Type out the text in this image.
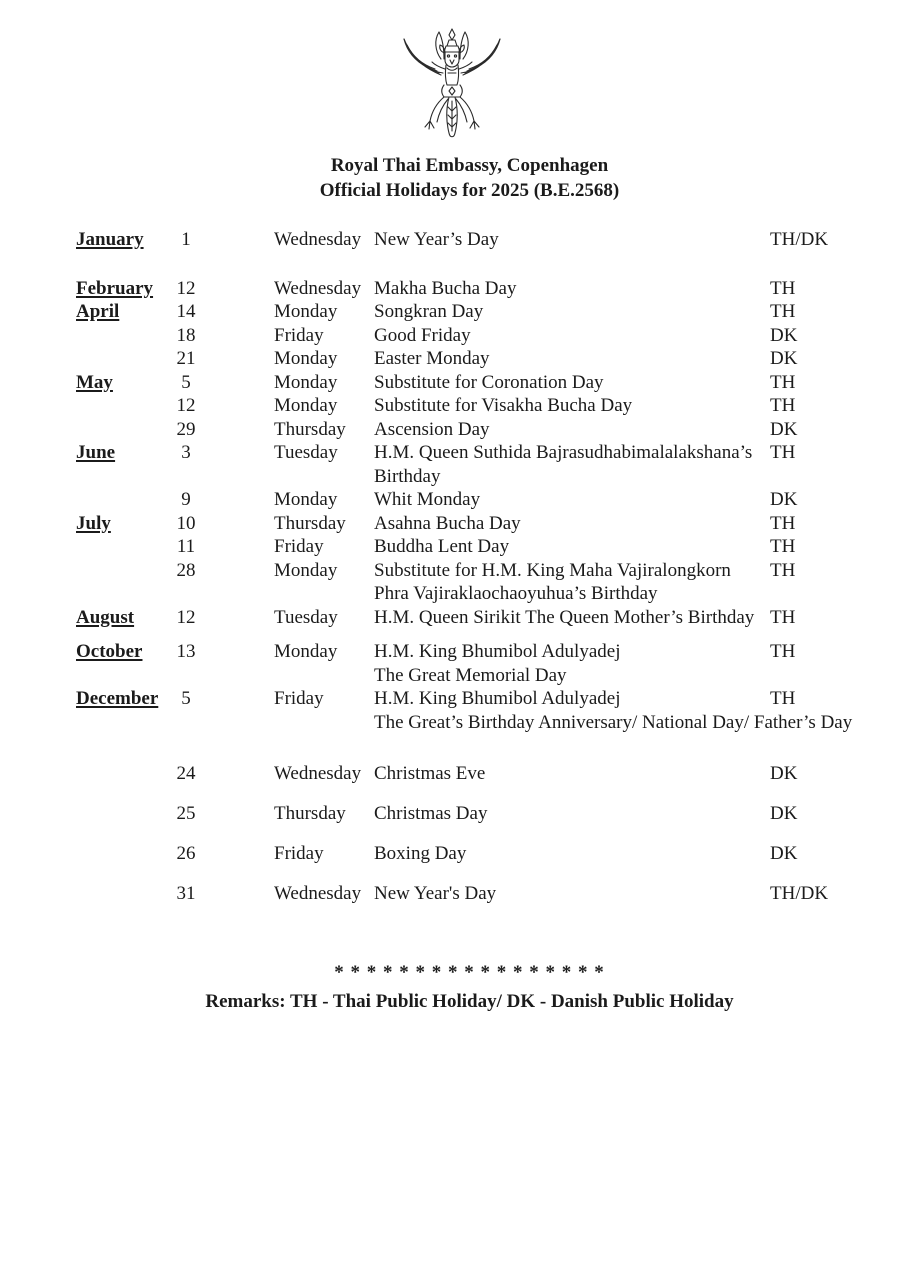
Royal Thai Embassy, Copenhagen
Official Holidays for 2025 (B.E.2568)
January	1	Wednesday New Year’s Day	TH/DK
February	12	Wednesday Makha Bucha Day	TH
April	14	Monday	Songkran Day	TH
18	Friday	Good Friday	DK
21	Monday	Easter Monday	DK
May	5	Monday	Substitute for Coronation Day	TH
12	Monday	Substitute for Visakha Bucha Day	TH
29	Thursday	Ascension Day	DK
June	3	Tuesday	H.M. Queen Suthida Bajrasudhabimalalakshana’s
Birthday
TH
9	Monday	Whit Monday	DK
July	10	Thursday	Asahna Bucha Day	TH
11	Friday	Buddha Lent Day	TH
28	Monday	Substitute for H.M. King Maha Vajiralongkorn
Phra Vajiraklaochaoyuhua’s Birthday
TH
August	12	Tuesday	H.M. Queen Sirikit The Queen Mother’s Birthday TH
October	13	Monday	H.M. King Bhumibol Adulyadej
The Great Memorial Day
TH
December	5	Friday	H.M. King Bhumibol Adulyadej
The Great’s Birthday Anniversary/ National Day/ Father’s Day
TH
24	Wednesday Christmas Eve	DK
25	Thursday	Christmas Day	DK
26	Friday	Boxing Day	DK
31	Wednesday New Year's Day	TH/DK
* * * * * * * * * * * * * * * * *
Remarks: TH - Thai Public Holiday/ DK - Danish Public Holiday
